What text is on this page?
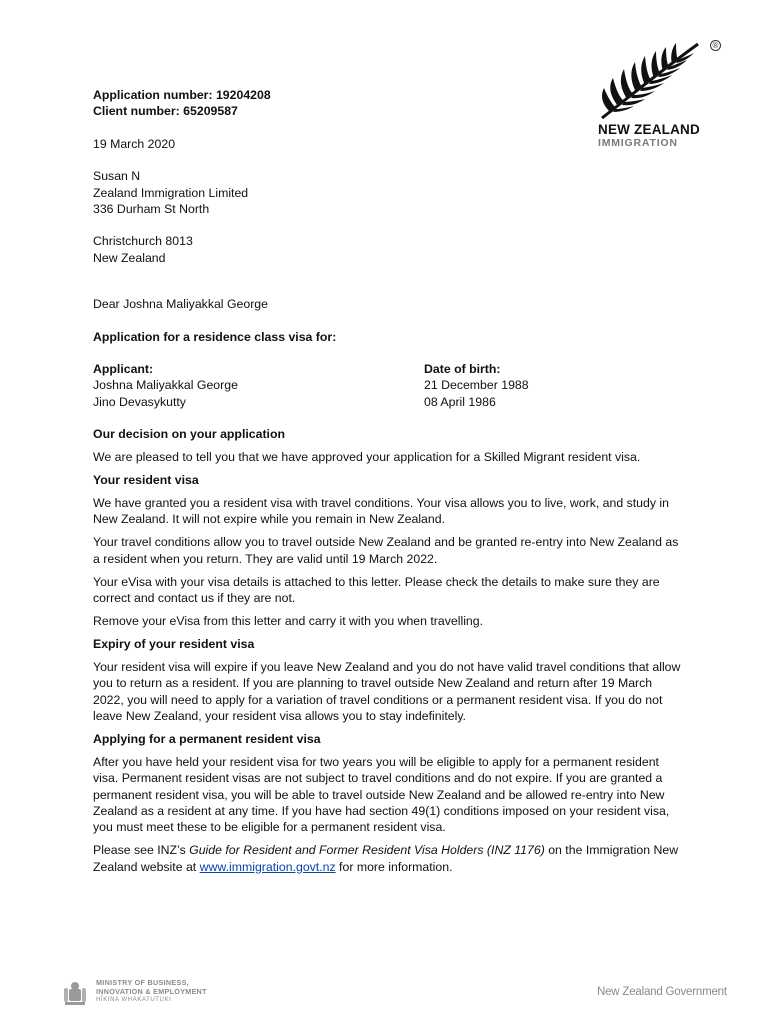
®
NEW ZEALAND
IMMIGRATION

Application number: 19204208

Client number: 65209587

19 March 2020

Susan N

Zealand Immigration Limited

336 Durham St North

Christchurch 8013

New Zealand

Dear Joshna Maliyakkal George

Application for a residence class visa for:

Applicant:

Joshna Maliyakkal George

Jino Devasykutty

Date of birth:

21 December 1988

08 April 1986

Our decision on your application

We are pleased to tell you that we have approved your application for a Skilled Migrant resident visa.

Your resident visa

We have granted you a resident visa with travel conditions. Your visa allows you to live, work, and study in New Zealand. It will not expire while you remain in New Zealand.

Your travel conditions allow you to travel outside New Zealand and be granted re-entry into New Zealand as a resident when you return. They are valid until 19 March 2022.

Your eVisa with your visa details is attached to this letter. Please check the details to make sure they are correct and contact us if they are not.

Remove your eVisa from this letter and carry it with you when travelling.

Expiry of your resident visa

Your resident visa will expire if you leave New Zealand and you do not have valid travel conditions that allow you to return as a resident. If you are planning to travel outside New Zealand and return after 19 March 2022, you will need to apply for a variation of travel conditions or a permanent resident visa. If you do not leave New Zealand, your resident visa allows you to stay indefinitely.

Applying for a permanent resident visa

After you have held your resident visa for two years you will be eligible to apply for a permanent resident visa. Permanent resident visas are not subject to travel conditions and do not expire. If you are granted a permanent resident visa, you will be able to travel outside New Zealand and be allowed re-entry into New Zealand as a resident at any time. If you have had section 49(1) conditions imposed on your resident visa, you must meet these to be eligible for a permanent resident visa.

Please see INZ’s Guide for Resident and Former Resident Visa Holders (INZ 1176) on the Immigration New Zealand website at www.immigration.govt.nz for more information.

MINISTRY OF BUSINESS,
INNOVATION & EMPLOYMENT
HĪKINA WHAKATUTUKI
New Zealand Government
